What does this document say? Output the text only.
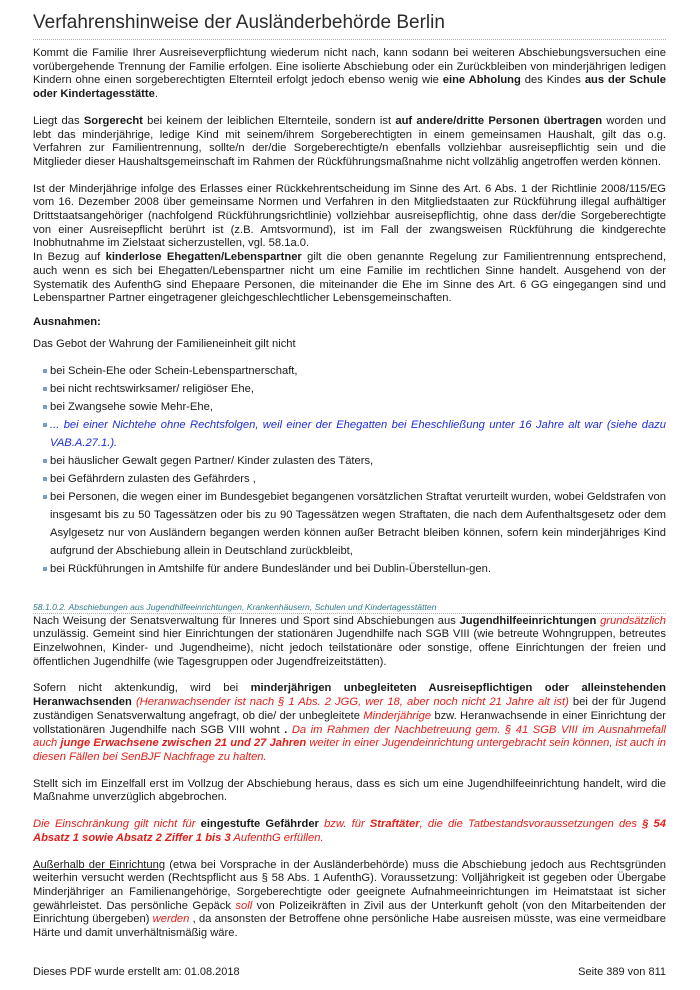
Verfahrenshinweise der Ausländerbehörde Berlin

Kommt die Familie Ihrer Ausreiseverpflichtung wiederum nicht nach, kann sodann bei weiteren Abschiebungsversuchen eine vorübergehende Trennung der Familie erfolgen. Eine isolierte Abschiebung oder ein Zurückbleiben von minderjährigen ledigen Kindern ohne einen sorgeberechtigten Elternteil erfolgt jedoch ebenso wenig wie eine Abholung des Kindes aus der Schule oder Kindertagesstätte.

Liegt das Sorgerecht bei keinem der leiblichen Elternteile, sondern ist auf andere/dritte Personen übertragen worden und lebt das minderjährige, ledige Kind mit seinem/ihrem Sorgeberechtigten in einem gemeinsamen Haushalt, gilt das o.g. Verfahren zur Familientrennung, sollte/n der/die Sorgeberechtigte/n ebenfalls vollziehbar ausreisepflichtig sein und die Mitglieder dieser Haushaltsgemeinschaft im Rahmen der Rückführungsmaßnahme nicht vollzählig angetroffen werden können.

Ist der Minderjährige infolge des Erlasses einer Rückkehrentscheidung im Sinne des Art. 6 Abs. 1 der Richtlinie 2008/115/EG vom 16. Dezember 2008 über gemeinsame Normen und Verfahren in den Mitgliedstaaten zur Rückführung illegal aufhältiger Drittstaatsangehöriger (nachfolgend Rückführungsrichtlinie) vollziehbar ausreisepflichtig, ohne dass der/die Sorgeberechtigte von einer Ausreisepflicht berührt ist (z.B. Amtsvormund), ist im Fall der zwangsweisen Rückführung die kindgerechte Inobhutnahme im Zielstaat sicherzustellen, vgl. 58.1a.0.

In Bezug auf kinderlose Ehegatten/Lebenspartner gilt die oben genannte Regelung zur Familientrennung entsprechend, auch wenn es sich bei Ehegatten/Lebenspartner nicht um eine Familie im rechtlichen Sinne handelt. Ausgehend von der Systematik des AufenthG sind Ehepaare Personen, die miteinander die Ehe im Sinne des Art. 6 GG eingegangen sind und Lebenspartner Partner eingetragener gleichgeschlechtlicher Lebensgemeinschaften.

Ausnahmen:

Das Gebot der Wahrung der Familieneinheit gilt nicht

bei Schein-Ehe oder Schein-Lebenspartnerschaft,
bei nicht rechtswirksamer/ religiöser Ehe,
bei Zwangsehe sowie Mehr-Ehe,
... bei einer Nichtehe ohne Rechtsfolgen, weil einer der Ehegatten bei Eheschließung unter 16 Jahre alt war (siehe dazu VAB.A.27.1.).
bei häuslicher Gewalt gegen Partner/ Kinder zulasten des Täters,
bei Gefährdern zulasten des Gefährders ,
bei Personen, die wegen einer im Bundesgebiet begangenen vorsätzlichen Straftat verurteilt wurden, wobei Geldstrafen von insgesamt bis zu 50 Tagessätzen oder bis zu 90 Tagessätzen wegen Straftaten, die nach dem Aufenthaltsgesetz oder dem Asylgesetz nur von Ausländern begangen werden können außer Betracht bleiben können, sofern kein minderjähriges Kind aufgrund der Abschiebung allein in Deutschland zurückbleibt,
bei Rückführungen in Amtshilfe für andere Bundesländer und bei Dublin-Überstellun-gen.
58.1.0.2. Abschiebungen aus Jugendhilfeeinrichtungen, Krankenhäusern, Schulen und Kindertagesstätten

Nach Weisung der Senatsverwaltung für Inneres und Sport sind Abschiebungen aus Jugendhilfeeinrichtungen grundsätzlich unzulässig. Gemeint sind hier Einrichtungen der stationären Jugendhilfe nach SGB VIII (wie betreute Wohngruppen, betreutes Einzelwohnen, Kinder- und Jugendheime), nicht jedoch teilstationäre oder sonstige, offene Einrichtungen der freien und öffentlichen Jugendhilfe (wie Tagesgruppen oder Jugendfreizeitstätten).

Sofern nicht aktenkundig, wird bei minderjährigen unbegleiteten Ausreisepflichtigen oder alleinstehenden Heranwachsenden (Heranwachsender ist nach § 1 Abs. 2 JGG, wer 18, aber noch nicht 21 Jahre alt ist) bei der für Jugend zuständigen Senatsverwaltung angefragt, ob die/ der unbegleitete Minderjährige bzw. Heranwachsende in einer Einrichtung der vollstationären Jugendhilfe nach SGB VIII wohnt . Da im Rahmen der Nachbetreuung gem. § 41 SGB VIII im Ausnahmefall auch junge Erwachsene zwischen 21 und 27 Jahren weiter in einer Jugendeinrichtung untergebracht sein können, ist auch in diesen Fällen bei SenBJF Nachfrage zu halten.

Stellt sich im Einzelfall erst im Vollzug der Abschiebung heraus, dass es sich um eine Jugendhilfeeinrichtung handelt, wird die Maßnahme unverzüglich abgebrochen.

Die Einschränkung gilt nicht für eingestufte Gefährder bzw. für Straftäter, die die Tatbestandsvoraussetzungen des § 54 Absatz 1 sowie Absatz 2 Ziffer 1 bis 3 AufenthG erfüllen.

Außerhalb der Einrichtung (etwa bei Vorsprache in der Ausländerbehörde) muss die Abschiebung jedoch aus Rechtsgründen weiterhin versucht werden (Rechtspflicht aus § 58 Abs. 1 AufenthG). Voraussetzung: Volljährigkeit ist gegeben oder Übergabe Minderjähriger an Familienangehörige, Sorgeberechtigte oder geeignete Aufnahmeeinrichtungen im Heimatstaat ist sicher gewährleistet. Das persönliche Gepäck soll von Polizeikräften in Zivil aus der Unterkunft geholt (von den Mitarbeitenden der Einrichtung übergeben) werden , da ansonsten der Betroffene ohne persönliche Habe ausreisen müsste, was eine vermeidbare Härte und damit unverhältnismäßig wäre.

Dieses PDF wurde erstellt am: 01.08.2018	Seite 389 von 811
